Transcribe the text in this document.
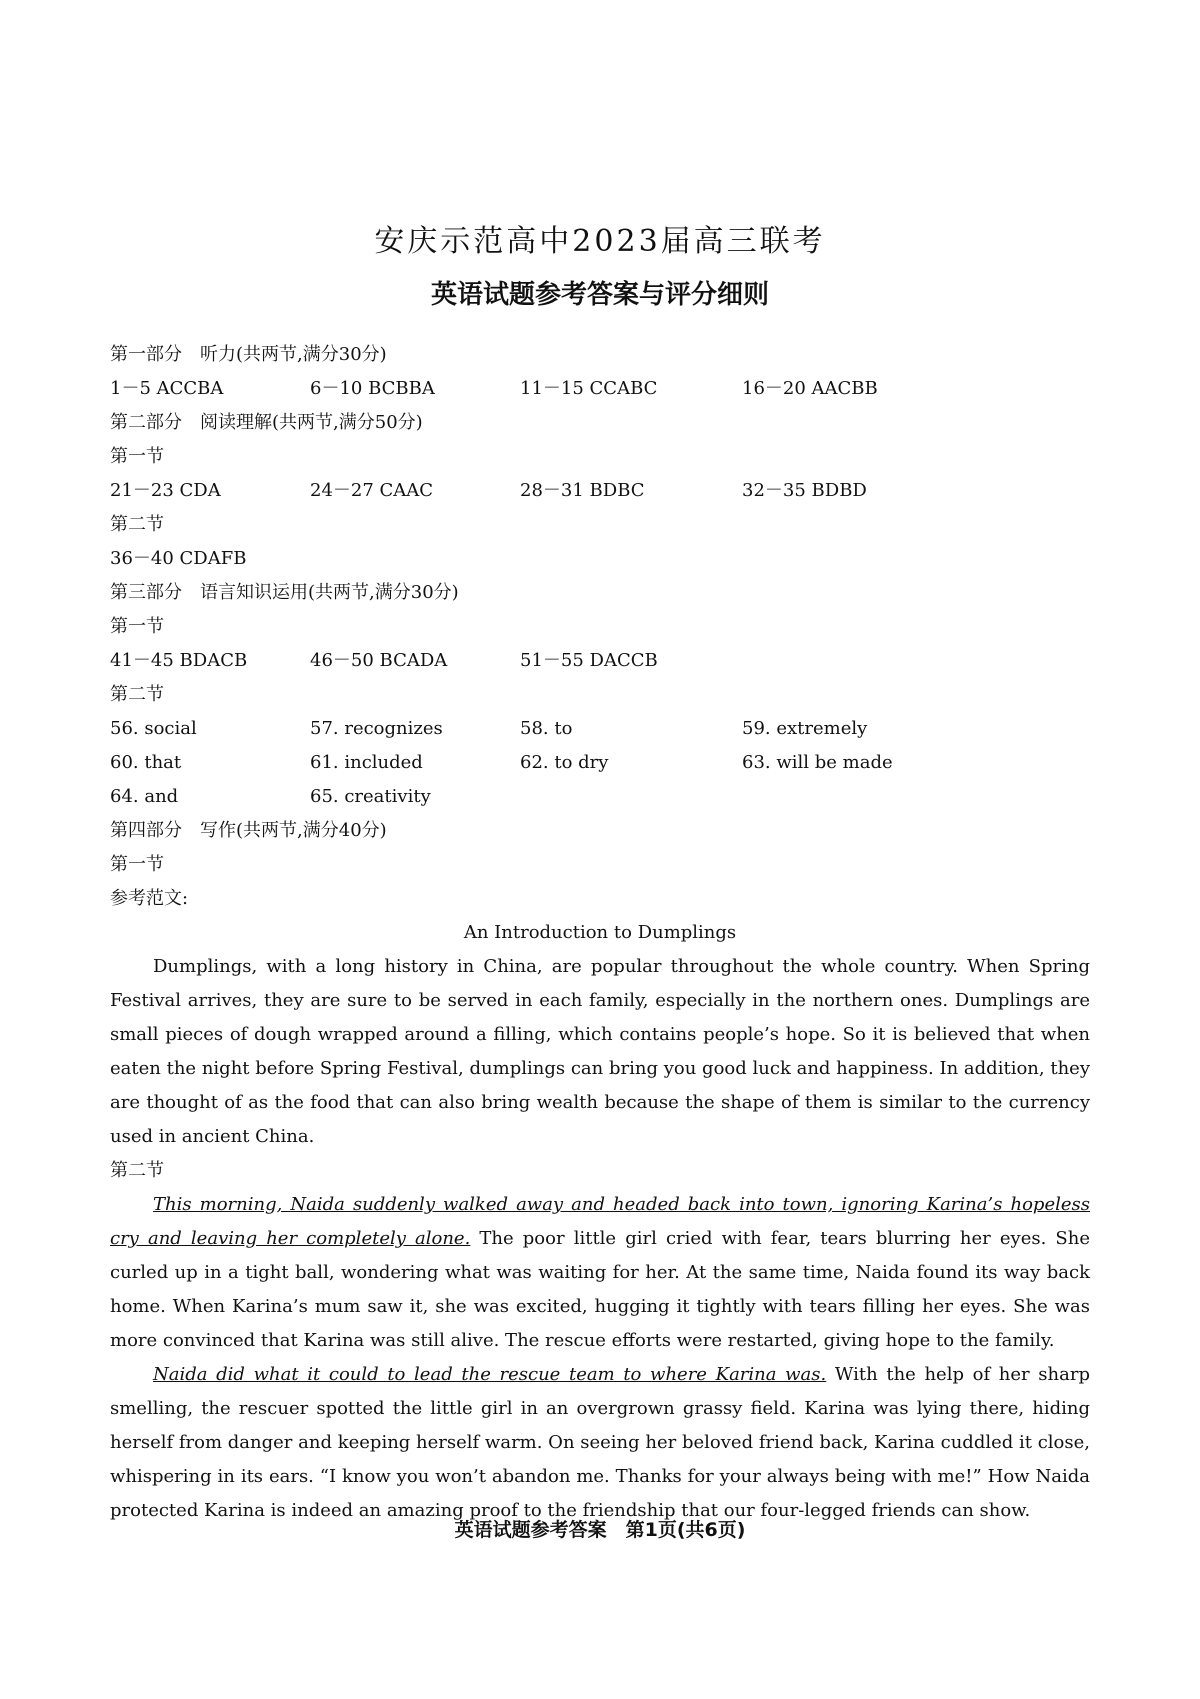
安庆示范高中2023届高三联考
英语试题参考答案与评分细则
第一部分　听力(共两节,满分30分)
1－5 ACCBA	6－10 BCBBA	11－15 CCABC	16－20 AACBB
第二部分　阅读理解(共两节,满分50分)
第一节
21－23 CDA	24－27 CAAC	28－31 BDBC	32－35 BDBD
第二节
36－40 CDAFB
第三部分　语言知识运用(共两节,满分30分)
第一节
41－45 BDACB	46－50 BCADA	51－55 DACCB
第二节
56. social	57. recognizes	58. to	59. extremely
60. that	61. included	62. to dry	63. will be made
64. and	65. creativity
第四部分　写作(共两节,满分40分)
第一节
参考范文:
An Introduction to Dumplings

Dumplings, with a long history in China, are popular throughout the whole country. When Spring Festival arrives, they are sure to be served in each family, especially in the northern ones. Dumplings are small pieces of dough wrapped around a filling, which contains people’s hope. So it is believed that when eaten the night before Spring Festival, dumplings can bring you good luck and happiness. In addition, they are thought of as the food that can also bring wealth because the shape of them is similar to the currency used in ancient China.

第二节

This morning, Naida suddenly walked away and headed back into town, ignoring Karina’s hopeless cry and leaving her completely alone. The poor little girl cried with fear, tears blurring her eyes. She curled up in a tight ball, wondering what was waiting for her. At the same time, Naida found its way back home. When Karina’s mum saw it, she was excited, hugging it tightly with tears filling her eyes. She was more convinced that Karina was still alive. The rescue efforts were restarted, giving hope to the family.

Naida did what it could to lead the rescue team to where Karina was. With the help of her sharp smelling, the rescuer spotted the little girl in an overgrown grassy field. Karina was lying there, hiding herself from danger and keeping herself warm. On seeing her beloved friend back, Karina cuddled it close, whispering in its ears. “I know you won’t abandon me. Thanks for your always being with me!” How Naida protected Karina is indeed an amazing proof to the friendship that our four-legged friends can show.

英语试题参考答案　第1页(共6页)
